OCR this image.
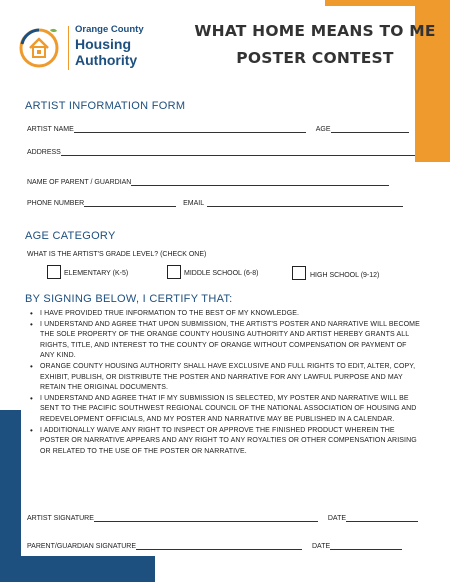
Orange County
Housing
Authority
WHAT HOME MEANS TO ME
POSTER CONTEST
ARTIST INFORMATION FORM
ARTIST NAME	AGE
ADDRESS
NAME OF PARENT / GUARDIAN
PHONE NUMBER	EMAIL
AGE CATEGORY
WHAT IS THE ARTIST'S GRADE LEVEL? (CHECK ONE)
ELEMENTARY (K-5)	MIDDLE SCHOOL (6-8)	HIGH SCHOOL (9-12)
BY SIGNING BELOW, I CERTIFY THAT:
• I HAVE PROVIDED TRUE INFORMATION TO THE BEST OF MY KNOWLEDGE.
• I UNDERSTAND AND AGREE THAT UPON SUBMISSION, THE ARTIST'S POSTER AND NARRATIVE WILL BECOME THE SOLE PROPERTY OF THE ORANGE COUNTY HOUSING AUTHORITY AND ARTIST HEREBY GRANTS ALL RIGHTS, TITLE, AND INTEREST TO THE COUNTY OF ORANGE WITHOUT COMPENSATION OR PAYMENT OF ANY KIND.
• ORANGE COUNTY HOUSING AUTHORITY SHALL HAVE EXCLUSIVE AND FULL RIGHTS TO EDIT, ALTER, COPY, EXHIBIT, PUBLISH, OR DISTRIBUTE THE POSTER AND NARRATIVE FOR ANY LAWFUL PURPOSE AND MAY RETAIN THE ORIGINAL DOCUMENTS.
• I UNDERSTAND AND AGREE THAT IF MY SUBMISSION IS SELECTED, MY POSTER AND NARRATIVE WILL BE SENT TO THE PACIFIC SOUTHWEST REGIONAL COUNCIL OF THE NATIONAL ASSOCIATION OF HOUSING AND REDEVELOPMENT OFFICIALS, AND MY POSTER AND NARRATIVE MAY BE PUBLISHED IN A CALENDAR.
• I ADDITIONALLY WAIVE ANY RIGHT TO INSPECT OR APPROVE THE FINISHED PRODUCT WHEREIN THE POSTER OR NARRATIVE APPEARS AND ANY RIGHT TO ANY ROYALTIES OR OTHER COMPENSATION ARISING OR RELATED TO THE USE OF THE POSTER OR NARRATIVE.
ARTIST SIGNATURE	DATE
PARENT/GUARDIAN SIGNATURE	DATE
